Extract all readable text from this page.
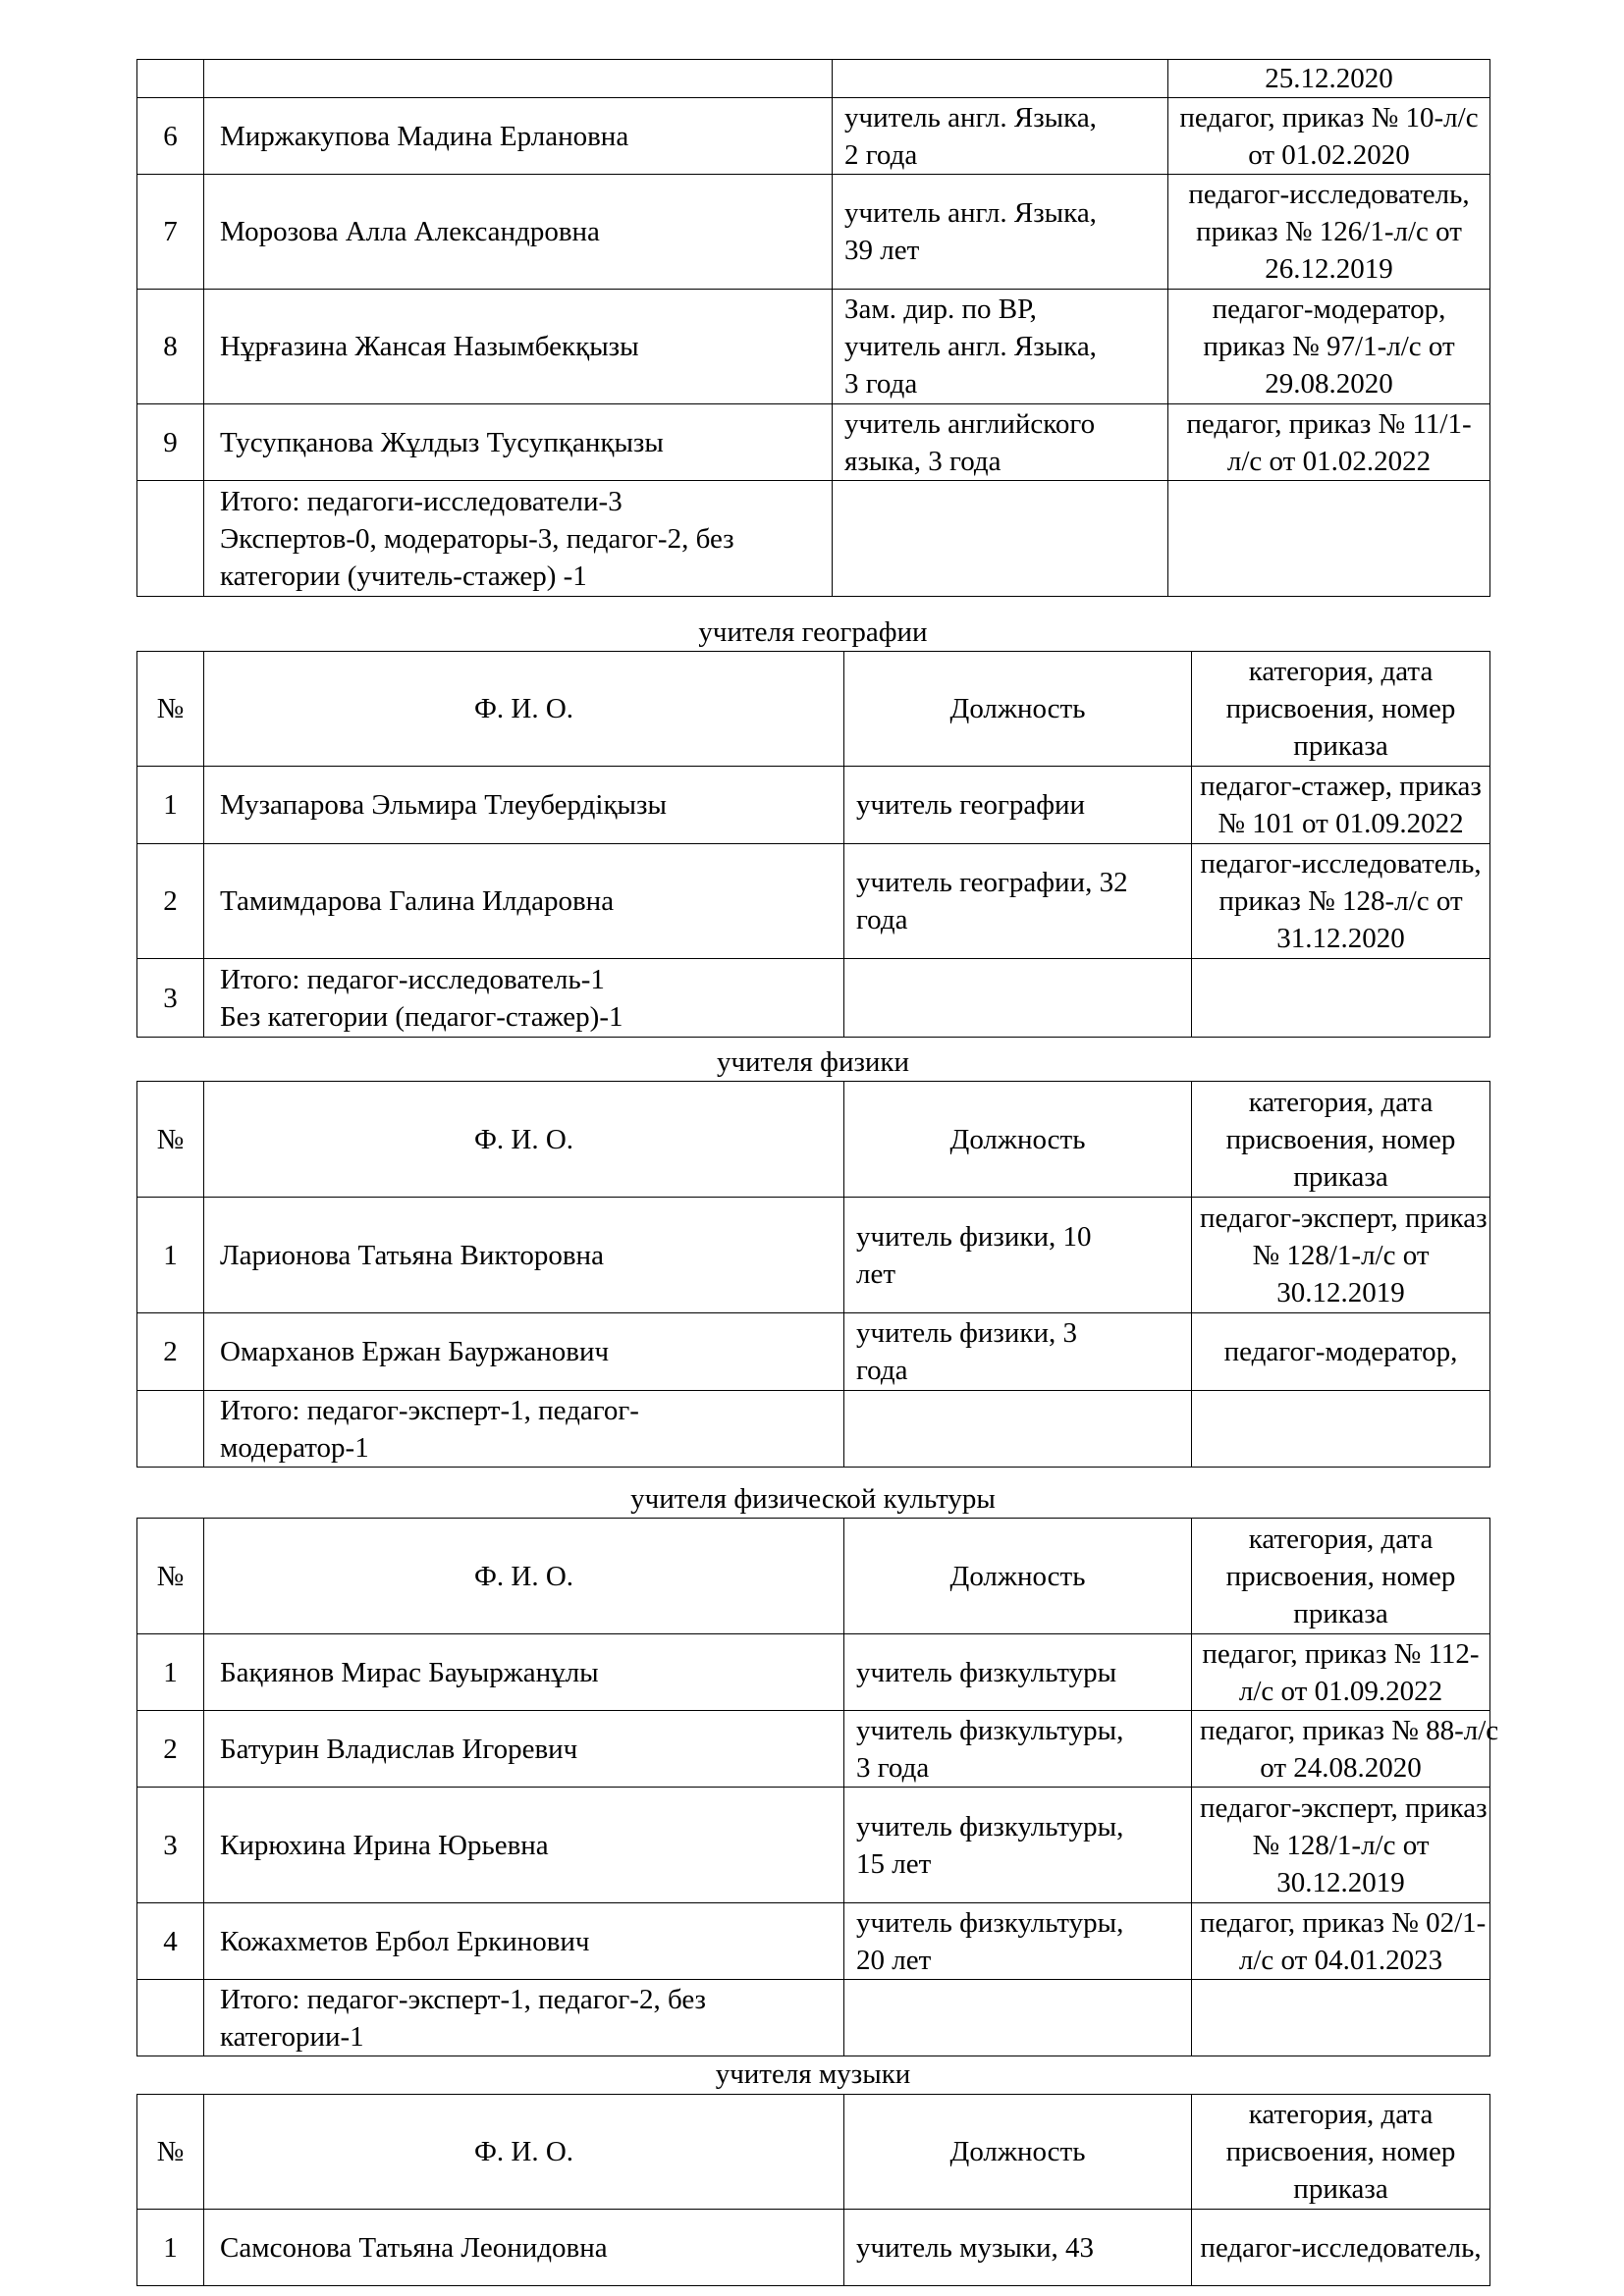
			25.12.2020

6	Миржакупова Мадина Ерлановна	учитель англ. Языка,
2 года	педагог, приказ № 10-л/с
от 01.02.2020

7	Морозова Алла Александровна	учитель англ. Языка,
39 лет	педагог-исследователь,
приказ № 126/1-л/с от
26.12.2019

8	Нұрғазина Жансая Назымбекқызы	Зам. дир. по ВР,
учитель англ. Языка,
3 года	педагог-модератор,
приказ № 97/1-л/с от
29.08.2020

9	Тусупқанова Жұлдыз Тусупқанқызы	учитель английского
языка, 3 года	педагог, приказ № 11/1-
л/с от 01.02.2022

	Итого: педагоги-исследователи-3
Экспертов-0, модераторы-3, педагог-2, без
категории (учитель-стажер) -1		

учителя географии
№	Ф. И. О.	Должность	категория, дата
присвоения, номер
приказа

1	Музапарова Эльмира Тлеубердiқызы	учитель географии	педагог-стажер, приказ
№ 101 от 01.09.2022

2	Тамимдарова Галина Илдаровна	учитель географии, 32
года	педагог-исследователь,
приказ № 128-л/с от
31.12.2020

3	Итого: педагог-исследователь-1
Без категории (педагог-стажер)-1		

учителя физики
№	Ф. И. О.	Должность	категория, дата
присвоения, номер
приказа

1	Ларионова Татьяна Викторовна	учитель физики, 10
лет	педагог-эксперт, приказ
№ 128/1-л/с от
30.12.2019

2	Омарханов Ержан Бауржанович	учитель физики, 3
года	педагог-модератор,

	Итого: педагог-эксперт-1, педагог-
модератор-1		

учителя физической культуры
№	Ф. И. О.	Должность	категория, дата
присвоения, номер
приказа

1	Бақиянов Мирас Бауыржанұлы	учитель физкультуры	педагог, приказ № 112-
л/с от 01.09.2022

2	Батурин Владислав Игоревич	учитель физкультуры,
3 года	педагог, приказ № 88-л/с
от 24.08.2020

3	Кирюхина Ирина Юрьевна	учитель физкультуры,
15 лет	педагог-эксперт, приказ
№ 128/1-л/с от
30.12.2019

4	Кожахметов Ербол Еркинович	учитель физкультуры,
20 лет	педагог, приказ № 02/1-
л/с от 04.01.2023

	Итого: педагог-эксперт-1, педагог-2, без
категории-1		

учителя музыки
№	Ф. И. О.	Должность	категория, дата
присвоения, номер
приказа

1	Самсонова Татьяна Леонидовна	учитель музыки, 43	педагог-исследователь,
